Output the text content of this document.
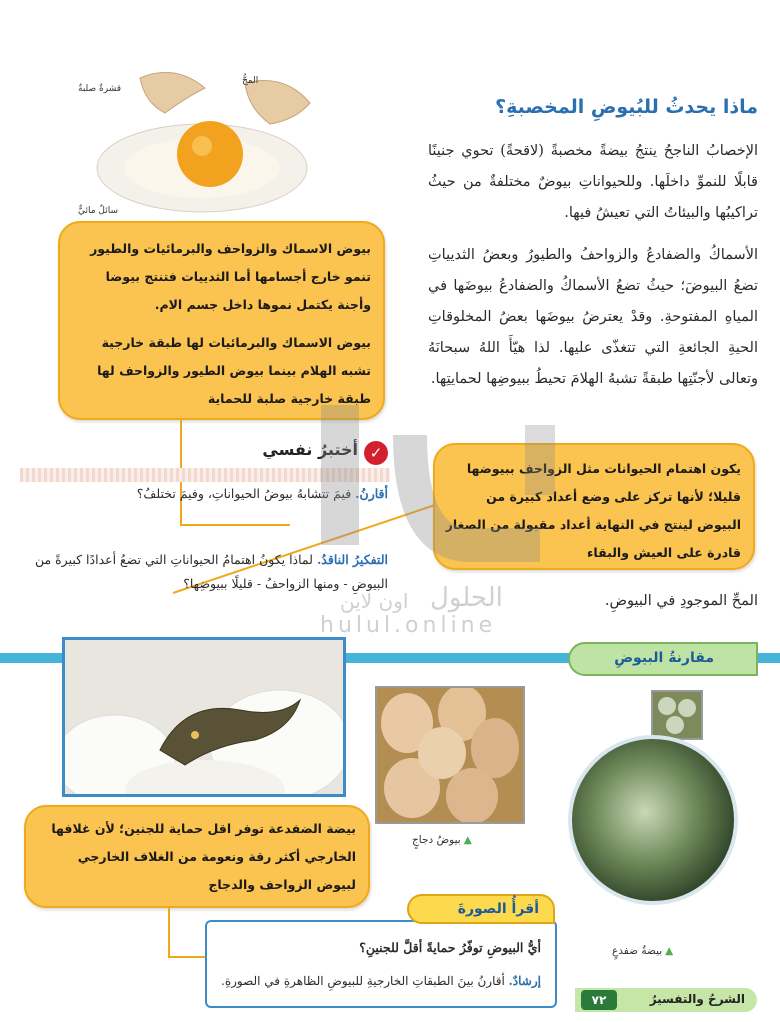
المحُّ
قشرةٌ صلبةٌ
سائلٌ مائيٌّ
ماذا يحدثُ للبُيوضِ المخصبةِ؟
الإخصابُ الناجحُ ينتجُ بيضةً مخصبةً (لاقحةً) تحوي جنينًا قابلًا للنموِّ داخلَها. وللحيواناتِ بيوضٌ مختلفةٌ من حيثُ تراكيبُها والبيئاتُ التي تعيشُ فيها.
الأسماكُ والضفادعُ والزواحفُ والطيورُ وبعضُ الثديياتِ تضعُ البيوضَ؛ حيثُ تضعُ الأسماكُ والضفادعُ بيوضَها في المياهِ المفتوحةِ. وقدْ يعترضُ بيوضَها بعضُ المخلوقاتِ الحيةِ الجائعةِ التي تتغذّى عليها. لذا هيّأَ اللهُ سبحانَهُ وتعالى لأجنّتِها طبقةً تشبهُ الهلامَ تحيطُ ببيوضِها لحمايتِها.
المحِّ الموجودِ في البيوضِ.

بيوض الاسماك والزواحف والبرمائيات والطيور تنمو خارج أجسامها أما الثدييات فتنتج بيوضا وأجنة يكتمل نموها داخل جسم الام.

بيوض الاسماك والبرمائيات لها طبقة خارجية تشبه الهلام بينما بيوض الطيور والزواحف لها طبقة خارجية صلبة للحماية

يكون اهتمام الحيوانات مثل الزواحف ببيوضها قليلا؛ لأنها تركز على وضع أعداد كبيرة من البيوض لينتج في النهاية أعداد مقبولة من الصغار قادرة على العيش والبقاء

بيضة الضفدعة توفر اقل حماية للجنين؛ لأن غلافها الخارجي أكثر رقة ونعومة من الغلاف الخارجي لبيوض الزواحف والدجاج

✓
أختبرُ نفسي
أقارنُ. فيمَ تتشابهُ بيوضُ الحيواناتِ، وفيمَ تختلفُ؟
التفكيرُ الناقدُ. لماذا يكونُ اهتمامُ الحيواناتِ التي تضعُ أعدادًا كبيرةً من البيوضِ - ومنها الزواحفُ - قليلًا ببيوضِها؟
مقارنةُ البيوضِ
▲بيوضُ دجاجٍ
▲بيضةُ ضفدعٍ
أيُّ البيوضِ توفّرُ حمايةً أقلَّ للجنينِ؟
إرشادٌ. أقارنُ بينَ الطبقاتِ الخارجيةِ للبيوضِ الظاهرةِ في الصورةِ.
أقرأُ الصورةَ
الشرحُ والتفسيرُ
٧٢
الحلول
اون لاين
hulul.online
